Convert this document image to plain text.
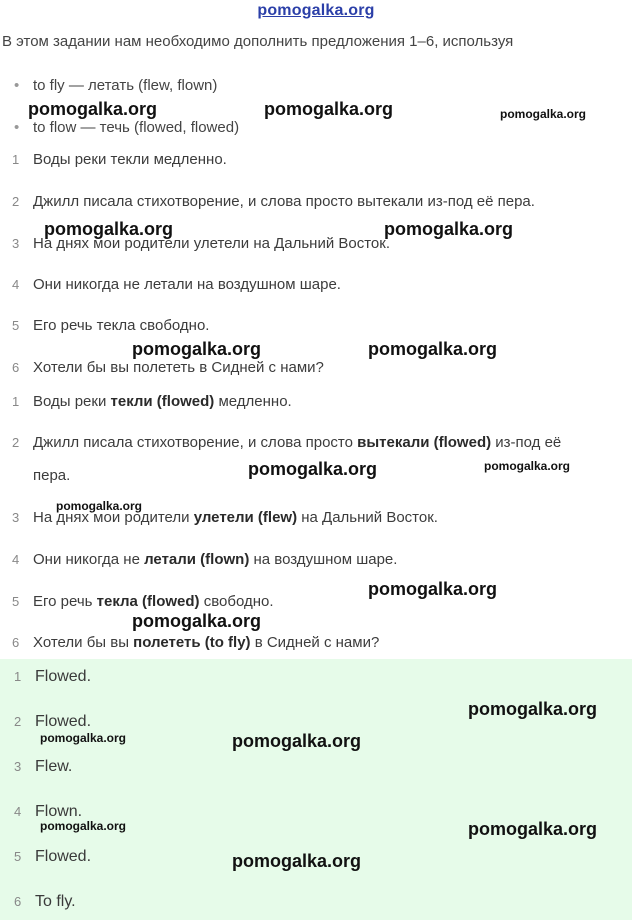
pomogalka.org
В этом задании нам необходимо дополнить предложения 1–6, используя
• to fly — летать (flew, flown)
• to flow — течь (flowed, flowed)
1 Воды реки текли медленно.
2 Джилл писала стихотворение, и слова просто вытекали из-под её пера.
3 На днях мои родители улетели на Дальний Восток.
4 Они никогда не летали на воздушном шаре.
5 Его речь текла свободно.
6 Хотели бы вы полететь в Сидней с нами?
1 Воды реки текли (flowed) медленно.
2 Джилл писала стихотворение, и слова просто вытекали (flowed) из-под её
пера.
3 На днях мои родители улетели (flew) на Дальний Восток.
4 Они никогда не летали (flown) на воздушном шаре.
5 Его речь текла (flowed) свободно.
6 Хотели бы вы полететь (to fly) в Сидней с нами?
1 Flowed.
2 Flowed.
3 Flew.
4 Flown.
5 Flowed.
6 To fly.
pomogalka.org	pomogalka.org	pomogalka.org
pomogalka.org	pomogalka.org
pomogalka.org	pomogalka.org
pomogalka.org	pomogalka.org
pomogalka.org
pomogalka.org
pomogalka.org
pomogalka.org
pomogalka.org	pomogalka.org
pomogalka.org	pomogalka.org
pomogalka.org
